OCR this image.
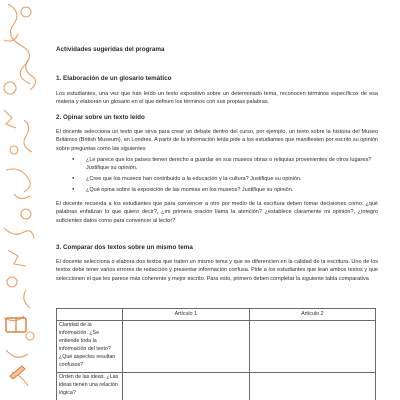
Actividades sugeridas del programa
1. Elaboración de un glosario temático
Los estudiantes, una vez que han leído un texto expositivo sobre un determinado tema, reconocen términos específicos de esa materia y elaboran un glosario en el que definen los términos con sus propias palabras.
2. Opinar sobre un texto leído
El docente selecciona un texto que sirva para crear un debate dentro del curso, por ejemplo, un texto sobre la historia del Museo Británico (British Museum), en Londres. A partir de la información leída pide a los estudiantes que manifiesten por escrito su opinión sobre preguntas como las siguientes
● ¿Le parece que los países tienen derecho a guardar en sus museos obras o reliquias provenientes de otros lugares? Justifique su opinión.
● ¿Cree que los museos han contribuido a la educación y la cultura? Justifique su opinión.
● ¿Qué opina sobre la exposición de las momias en los museos? Justifique su opinión.
El docente recuerda a los estudiantes que para convencer a otro por medio de la escritura deben tomar decisiones como: ¿qué palabras enfatizan lo que quiero decir?, ¿mi primera oración llama la atención? ¿establece claramente mi opinión?, ¿integro suficientes datos como para convencer al lector?
3. Comparar dos textos sobre un mismo tema
El docente selecciona o elabora dos textos que traten un mismo tema y que se diferencien en la calidad de la escritura. Uno de los textos debe tener varios errores de redacción y presentar información confusa. Pide a los estudiantes que lean ambos textos y que seleccionen el que les parece más coherente y mejor escrito. Para esto, primero deben completar la siguiente tabla comparativa
	Artículo 1	Artículo 2
Claridad de la información. ¿Se entiende toda la información del texto? ¿Qué aspectos resultan confusos?		
Orden de las ideas. ¿Las ideas tienen una relación lógica?		
